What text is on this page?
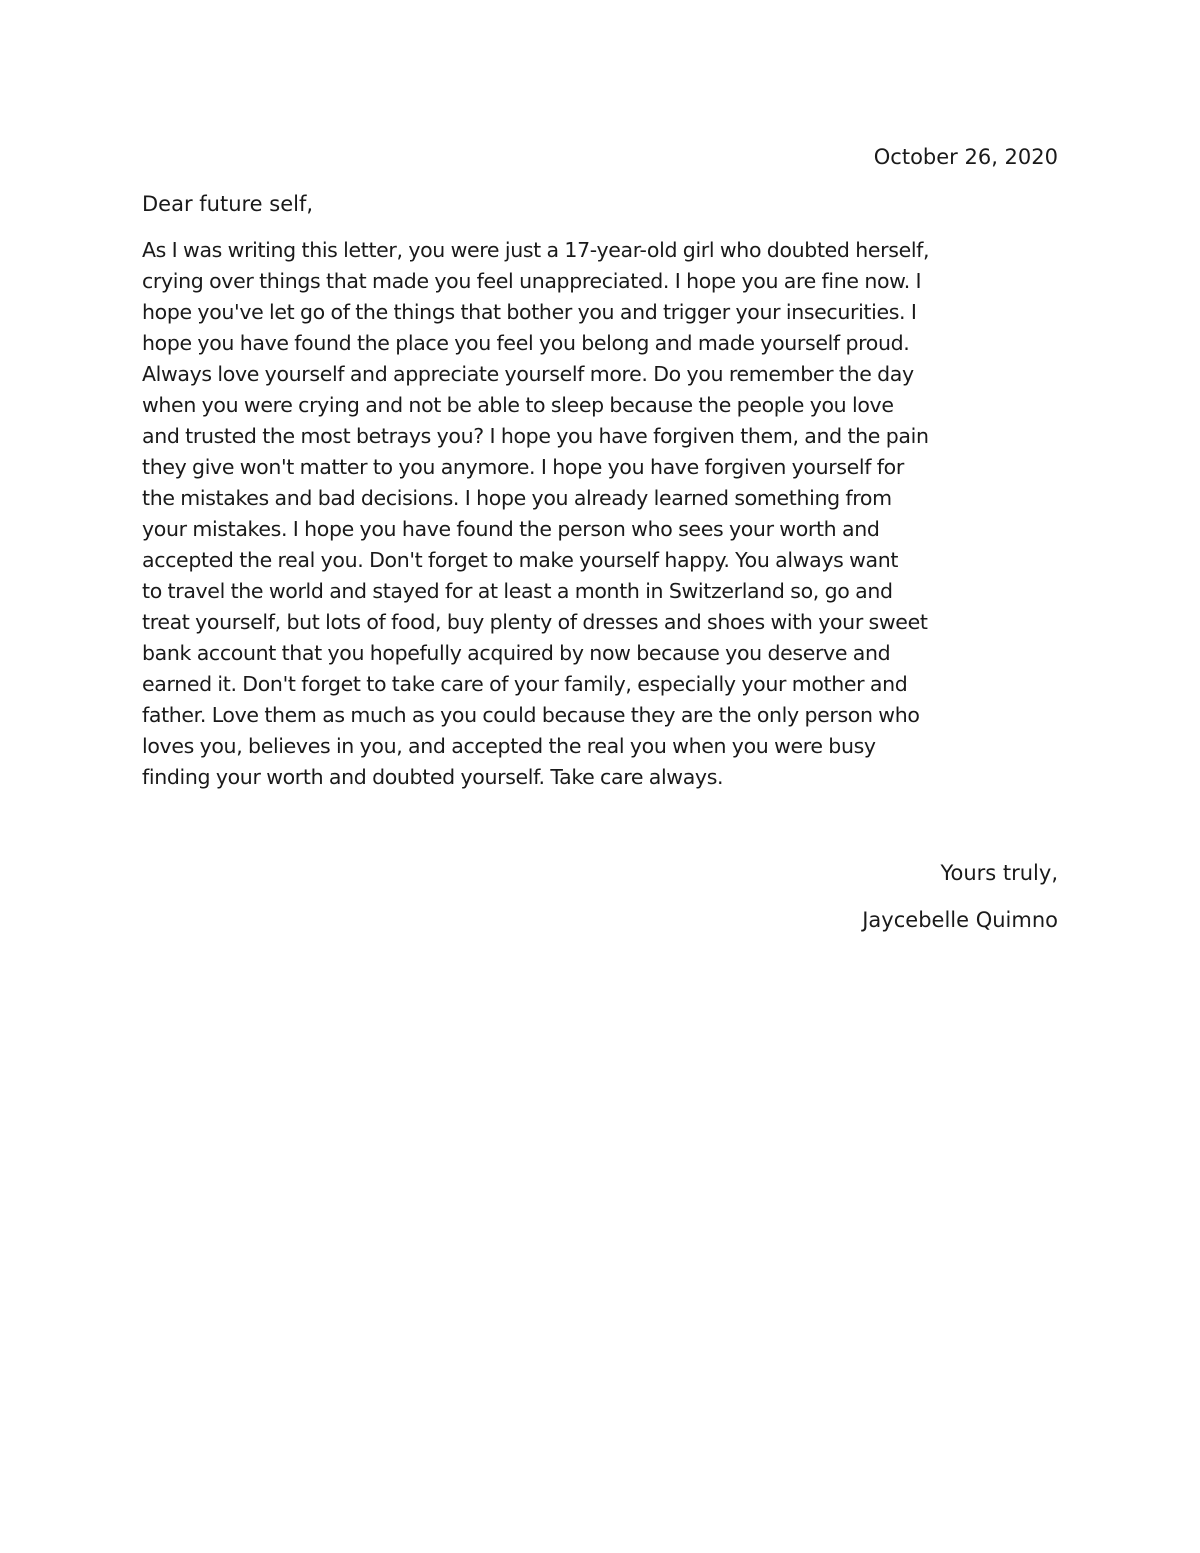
October 26, 2020
Dear future self,
As I was writing this letter, you were just a 17-year-old girl who doubted herself,
crying over things that made you feel unappreciated. I hope you are fine now. I
hope you've let go of the things that bother you and trigger your insecurities. I
hope you have found the place you feel you belong and made yourself proud.
Always love yourself and appreciate yourself more. Do you remember the day
when you were crying and not be able to sleep because the people you love
and trusted the most betrays you? I hope you have forgiven them, and the pain
they give won't matter to you anymore. I hope you have forgiven yourself for
the mistakes and bad decisions. I hope you already learned something from
your mistakes. I hope you have found the person who sees your worth and
accepted the real you. Don't forget to make yourself happy. You always want
to travel the world and stayed for at least a month in Switzerland so, go and
treat yourself, but lots of food, buy plenty of dresses and shoes with your sweet
bank account that you hopefully acquired by now because you deserve and
earned it. Don't forget to take care of your family, especially your mother and
father. Love them as much as you could because they are the only person who
loves you, believes in you, and accepted the real you when you were busy
finding your worth and doubted yourself. Take care always.
Yours truly,
Jaycebelle Quimno
